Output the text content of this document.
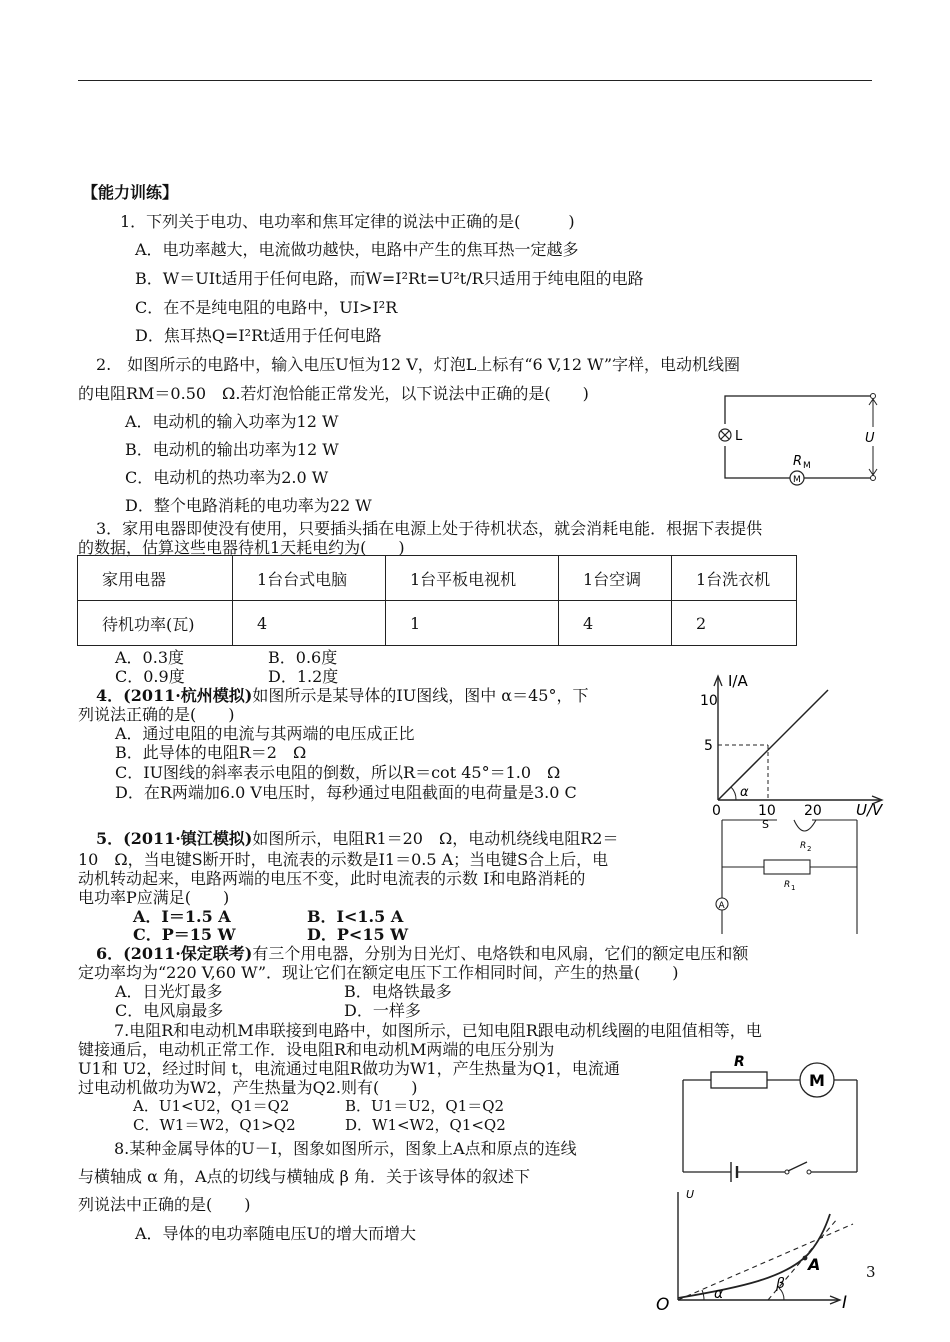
【能力训练】
1．下列关于电功、电功率和焦耳定律的说法中正确的是(　　　)
A．电功率越大，电流做功越快，电路中产生的焦耳热一定越多
B．W＝UIt适用于任何电路，而W=I²Rt=U²t/R只适用于纯电阻的电路
C．在不是纯电阻的电路中，UI>I²R
D．焦耳热Q=I²Rt适用于任何电路
2.　如图所示的电路中，输入电压U恒为12 V，灯泡L上标有“6 V,12 W”字样，电动机线圈
的电阻RM＝0.50　Ω.若灯泡恰能正常发光，以下说法中正确的是(　　)
A．电动机的输入功率为12 W
B．电动机的输出功率为12 W
C．电动机的热功率为2.0 W
D．整个电路消耗的电功率为22 W
L	U
M
R M
3．家用电器即使没有使用，只要插头插在电源上处于待机状态，就会消耗电能．根据下表提供
的数据，估算这些电器待机1天耗电约为(　　)
家用电器	1台台式电脑	1台平板电视机	1台空调	1台洗衣机
待机功率(瓦)	4	1	4	2
A．0.3度	B．0.6度
C．0.9度	D．1.2度
4．(2011·杭州模拟)如图所示是某导体的IU图线，图中 α＝45°，下
列说法正确的是(　　)
A．通过电阻的电流与其两端的电压成正比
B．此导体的电阻R＝2　Ω
C．IU图线的斜率表示电阻的倒数，所以R＝cot 45°＝1.0　Ω
D．在R两端加6.0 V电压时，每秒通过电阻截面的电荷量是3.0 C	α
I/A
10
5
0	10 20 U/V
5．(2011·镇江模拟)如图所示，电阻R1＝20　Ω，电动机绕线电阻R2＝
10　Ω，当电键S断开时，电流表的示数是I1＝0.5 A；当电键S合上后，电
动机转动起来，电路两端的电压不变，此时电流表的示数 I和电路消耗的
电功率P应满足(　　)
A．I＝1.5 A	B．I<1.5 A
C．P＝15 W	D．P<15 W
S
R 2
R 1
A
6．(2011·保定联考)有三个用电器，分别为日光灯、电烙铁和电风扇，它们的额定电压和额
定功率均为“220 V,60 W”．现让它们在额定电压下工作相同时间，产生的热量(　　)
A．日光灯最多	B．电烙铁最多
C．电风扇最多	D．一样多
7.电阻R和电动机M串联接到电路中，如图所示，已知电阻R跟电动机线圈的电阻值相等，电
键接通后，电动机正常工作．设电阻R和电动机M两端的电压分别为
U1和 U2，经过时间 t，电流通过电阻R做功为W1，产生热量为Q1，电流通
过电动机做功为W2，产生热量为Q2.则有(　　)
A．U1<U2，Q1＝Q2	B．U1＝U2，Q1＝Q2
C．W1＝W2，Q1>Q2	D．W1<W2，Q1<Q2
R
M
8.某种金属导体的U－I，图象如图所示，图象上A点和原点的连线
与横轴成 α 角，A点的切线与横轴成 β 角．关于该导体的叙述下
列说法中正确的是(　　)
A．导体的电功率随电压U的增大而增大
3
U
I
O
A
α
β
